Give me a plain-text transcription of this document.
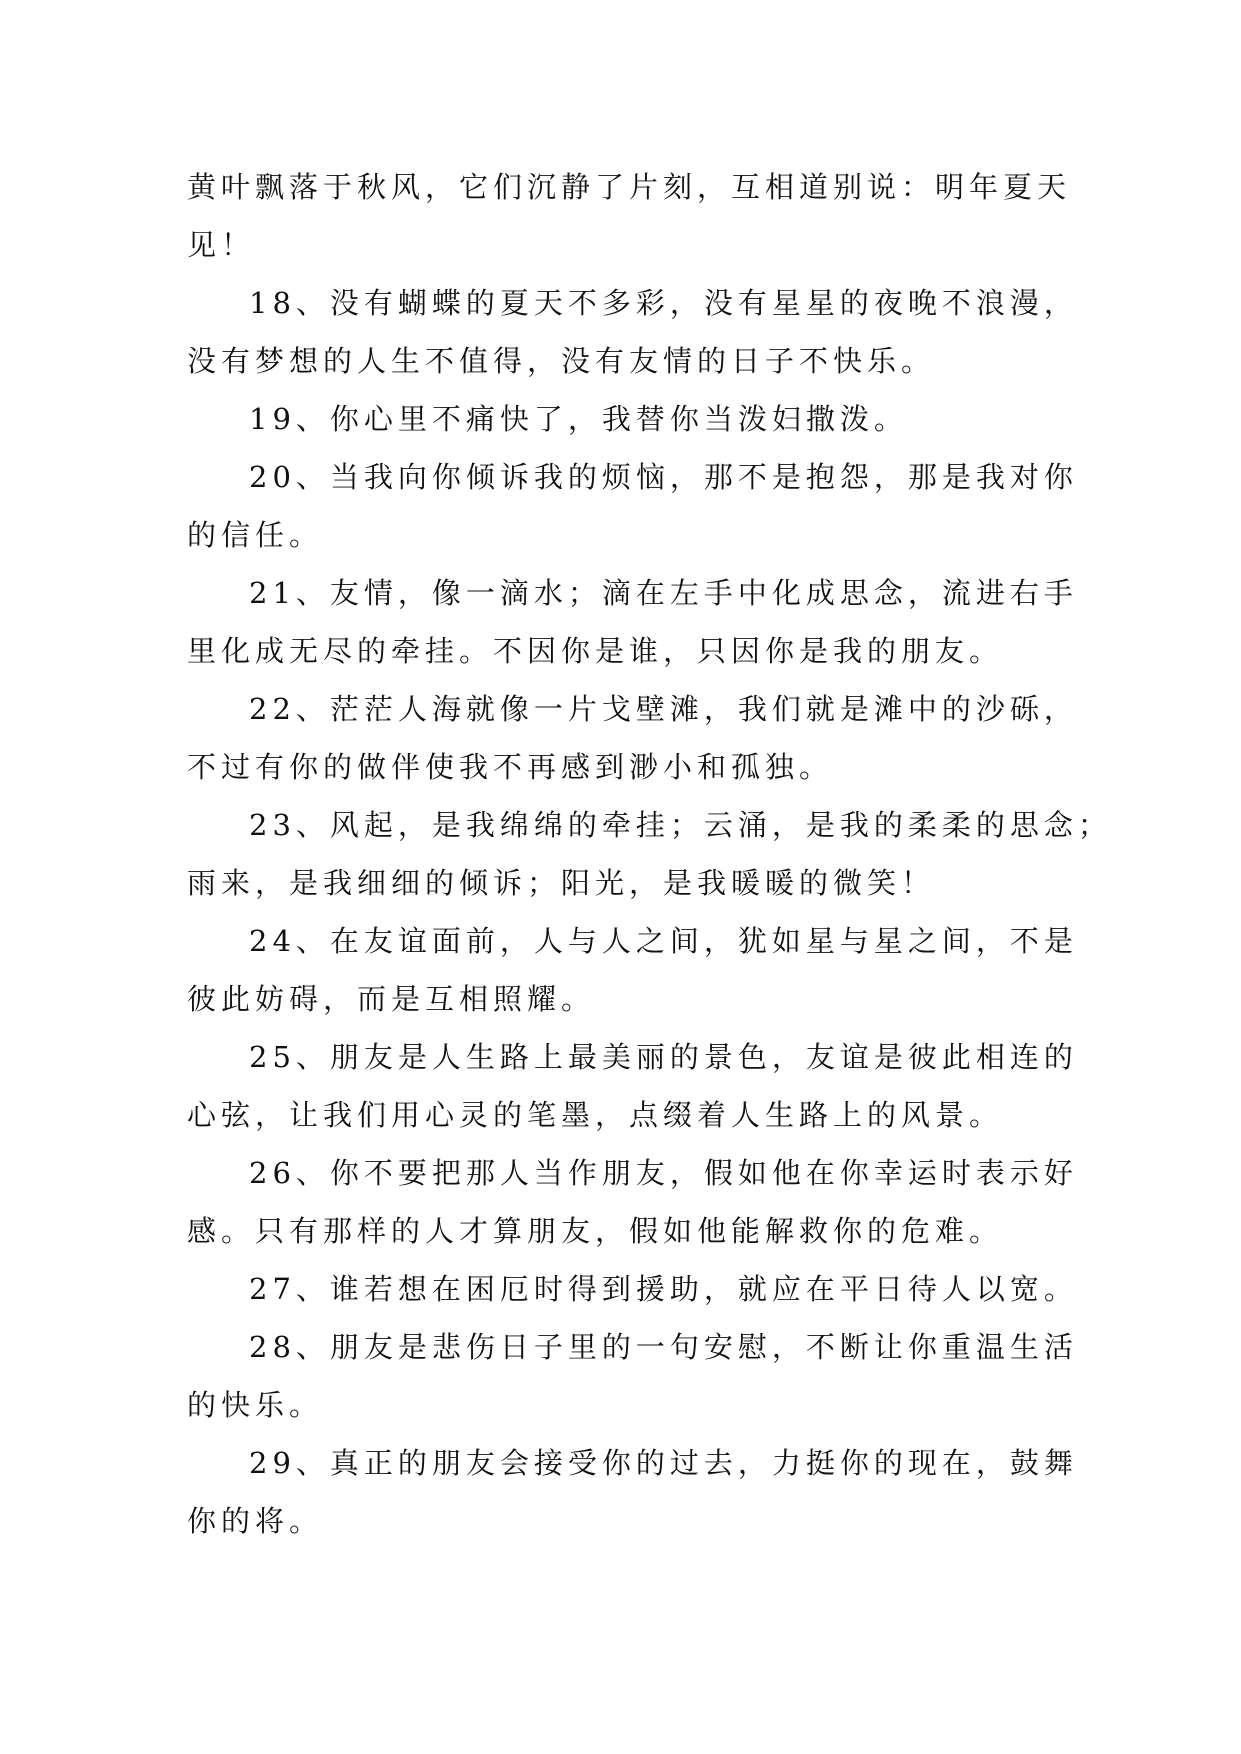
黄叶飘落于秋风，它们沉静了片刻，互相道别说：明年夏天
见！

18、没有蝴蝶的夏天不多彩，没有星星的夜晚不浪漫，
没有梦想的人生不值得，没有友情的日子不快乐。

19、你心里不痛快了，我替你当泼妇撒泼。

20、当我向你倾诉我的烦恼，那不是抱怨，那是我对你
的信任。

21、友情，像一滴水；滴在左手中化成思念，流进右手
里化成无尽的牵挂。不因你是谁，只因你是我的朋友。

22、茫茫人海就像一片戈壁滩，我们就是滩中的沙砾，
不过有你的做伴使我不再感到渺小和孤独。

23、风起，是我绵绵的牵挂；云涌，是我的柔柔的思念；
雨来，是我细细的倾诉；阳光，是我暖暖的微笑！

24、在友谊面前，人与人之间，犹如星与星之间，不是
彼此妨碍，而是互相照耀。

25、朋友是人生路上最美丽的景色，友谊是彼此相连的
心弦，让我们用心灵的笔墨，点缀着人生路上的风景。

26、你不要把那人当作朋友，假如他在你幸运时表示好
感。只有那样的人才算朋友，假如他能解救你的危难。

27、谁若想在困厄时得到援助，就应在平日待人以宽。

28、朋友是悲伤日子里的一句安慰，不断让你重温生活
的快乐。

29、真正的朋友会接受你的过去，力挺你的现在，鼓舞
你的将。
